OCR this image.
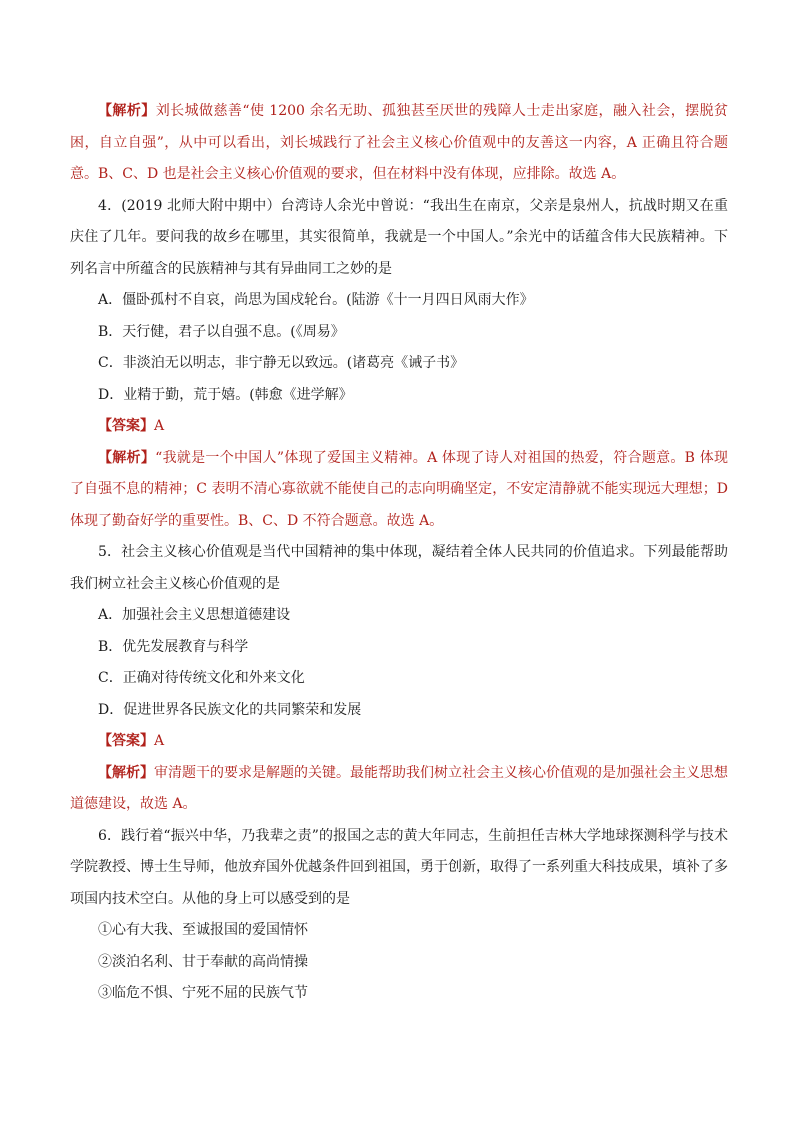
【解析】刘长城做慈善“使 1200 余名无助、孤独甚至厌世的残障人士走出家庭，融入社会，摆脱贫困，自立自强”，从中可以看出，刘长城践行了社会主义核心价值观中的友善这一内容，A 正确且符合题意。B、C、D 也是社会主义核心价值观的要求，但在材料中没有体现，应排除。故选 A。

4．(2019 北师大附中期中）台湾诗人余光中曾说：“我出生在南京，父亲是泉州人，抗战时期又在重庆住了几年。要问我的故乡在哪里，其实很简单，我就是一个中国人。”余光中的话蕴含伟大民族精神。下列名言中所蕴含的民族精神与其有异曲同工之妙的是

A．僵卧孤村不自哀，尚思为国戍轮台。(陆游《十一月四日风雨大作》

B．天行健，君子以自强不息。(《周易》

C．非淡泊无以明志，非宁静无以致远。(诸葛亮《诫子书》

D．业精于勤，荒于嬉。(韩愈《进学解》

【答案】A

【解析】“我就是一个中国人”体现了爱国主义精神。A 体现了诗人对祖国的热爱，符合题意。B 体现了自强不息的精神；C 表明不清心寡欲就不能使自己的志向明确坚定，不安定清静就不能实现远大理想；D 体现了勤奋好学的重要性。B、C、D 不符合题意。故选 A。

5．社会主义核心价值观是当代中国精神的集中体现，凝结着全体人民共同的价值追求。下列最能帮助我们树立社会主义核心价值观的是

A．加强社会主义思想道德建设

B．优先发展教育与科学

C．正确对待传统文化和外来文化

D．促进世界各民族文化的共同繁荣和发展

【答案】A

【解析】审清题干的要求是解题的关键。最能帮助我们树立社会主义核心价值观的是加强社会主义思想道德建设，故选 A。

6．践行着“振兴中华，乃我辈之责”的报国之志的黄大年同志，生前担任吉林大学地球探测科学与技术学院教授、博士生导师，他放弃国外优越条件回到祖国，勇于创新，取得了一系列重大科技成果，填补了多项国内技术空白。从他的身上可以感受到的是

①心有大我、至诚报国的爱国情怀

②淡泊名利、甘于奉献的高尚情操

③临危不惧、宁死不屈的民族气节
